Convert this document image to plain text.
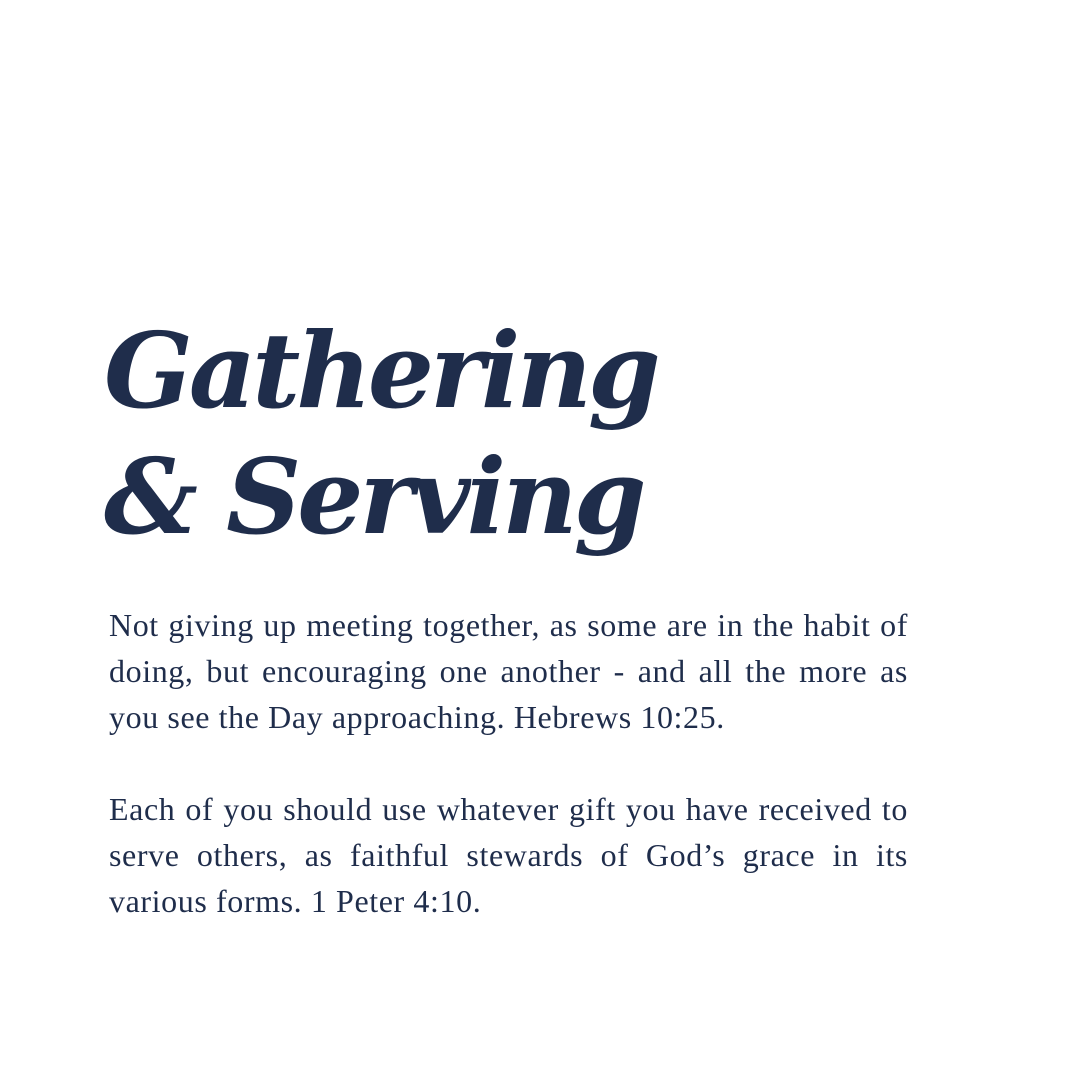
Gathering
& Serving

Not giving up meeting together, as some are in the habit of doing, but encouraging one another - and all the more as you see the Day approaching. Hebrews 10:25.

Each of you should use whatever gift you have received to serve others, as faithful stewards of God’s grace in its various forms. 1 Peter 4:10.
